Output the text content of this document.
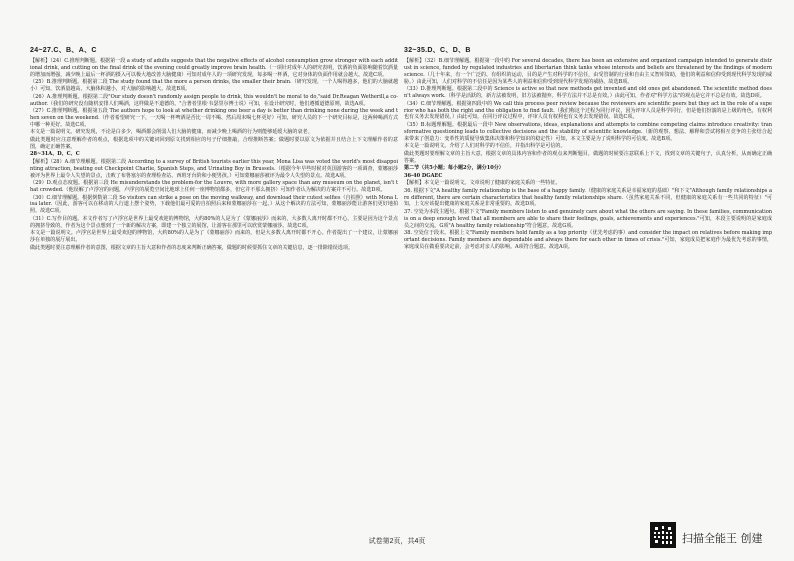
24~27.C、B、A、C	32~35.D、C、D、B

【解析】（24）C.推理判断题。根据第一段 a study of adults suggests that the negative effects of alcohol consumption grow stronger with each additional drink, and cutting on the final drink of the evening could greatly improve brain health.（一项针对成年人的研究表明，饮酒的负面影响随着饮酒量的增加而增强，减少晚上最后一杯酒的摄入可以极大地改善大脑健康）可知对成年人的一项研究发现，每多喝一杯酒，它对身体的负面作用就会越大。故选C项。

（25）B.推理判断题。根据第二段 The study found that the more a person drinks, the smaller their brain.（研究发现，一个人喝得越多，他们的大脑就越小）可知，饮酒量越高，大脑体积越小，对大脑的影响越大。故选B项。

（26）A.推理判断题。根据第二段"Our study doesn't randomly assign people to drink, this wouldn't be moral to do,"said Dr.Reagan Wetherill,a co-author.（我们的研究没有随机安排人们喝酒，这样做是不道德的。"合著者里根·韦瑟里尔博士说）可知，在设计研究时，他们遵循道德原则，故选A项。

（27）C.推理判断题。根据第五段 The authors hope to look at whether drinking one beer a day is better than drinking none during the week and then seven on the weekend.（作者希望研究一下，一天喝一杯啤酒是否比一周不喝、然后周末喝七杯更好）可知，研究人员的下一个研究目标是，这两种喝酒方式中哪一种更好。故选C项。

本文是一篇说明文。研究发现，不论是白多少，喝酒都会削弱人们大脑的健康，而减少晚上喝酒的行为则能够延缓大脑的衰老。

做此类题时应注意理解作者的观点，根据选项中的关键词回到原文找到相应的句子仔细推敲，合理推断答案；做题时要以原文为依据并且结合上下文理解作者的意图，确定正确答案。

28~31A、D、C、C

【解析】（28）A.细节理解题。根据第二段 According to a survey of British tourists earlier this year, Mona Lisa was voted the world's most disappointing attraction, beating out Checkpoint Charlie, Spanish Steps, and Urinating Boy in Brussels.（根据今年早些时候对英国游客的一项调查，蒙娜丽莎被评为世界上最令人失望的景点，击败了布鲁塞尔的查理检查站、西班牙台阶和小便男孩。）可知蒙娜丽莎被评为最令人失望的景点。故选A项。

（29）D.观点态度题。根据第三段 He misunderstands the problem-for the Louvre, with more gallery space than any museum on the planet, isn't that crowded.（他误解了卢浮宫的问题，卢浮宫的展览空间比地球上任何一座博物馆都多，但它并不那么拥挤）可知作者认为解决的方案并不可行。故选D项。

（30）C.细节理解题。根据倒数第二段 So visitors can strike a pose on the moving walkway, and download their cutest selfies（自拍照）with Mona Lisa later.（因此，游客可以在移动的人行道上摆个姿势，下载他们最可爱的自拍照后来和蒙娜丽莎在一起。）从这个解决的方法可知，蒙娜丽莎能让游客们更好地拍照。故选C项。

（31）C.写作目的题。本文作者写了卢浮宫是世界上最受欢迎的博物馆，大约80%的人是为了《蒙娜丽莎》而来的，大多数人离开时都不开心，主要是因为这个景点的拥挤导致的，作者为这个景点想到了一个新的解决方案，即建一个独立的展馆，让游客在那里可以欣赏蒙娜丽莎。故选C项。

本文是一篇说明文。卢浮宫是世界上最受欢迎的博物馆，大约80%的人是为了《蒙娜丽莎》而来的，但是大多数人离开时都不开心。作者提出了一个建议，让蒙娜丽莎在单独的展厅展出。

做此类题时要注意理解作者的意图，根据文章的主旨大意和作者的态度来判断正确答案，做题的时候要抓住文章的关键信息，逐一排除错误选项。

【解析】（32）B.细节理解题。根据第一段中的 For several decades, there has been an extensive and organized campaign intended to generate distrust in science, funded by regulated industries and libertarian think tanks whose interests and beliefs are threatened by the findings of modern science.（几十年来，有一个广泛的、有组织的运动，目的是产生对科学的不信任，由受管制的行业和自由主义智库资助，他们的利益和信仰受到现代科学发现的威胁。）由此可知，人们对科学的不信任是因为某些人的利益和信仰受到现代科学发现的威胁。故选B项。

（33）D.推理判断题。根据第二段中的 Science is active so that new methods get invented and old ones get abandoned. The scientific method doesn't always work.（科学是活跃的，新方法被发明，旧方法被抛弃。科学方法并不总是有效。）由此可知，作者对"科学方法"的观点是它并不总是有效。故选D项。

（34）C.细节理解题。根据第四段中的 We call this process peer review because the reviewers are scientific peers but they act in the role of a superior who has both the right and the obligation to find fault.（我们称这个过程为同行评议，因为评审人员是科学同行，但是他们扮演的是上级的角色，有权利也有义务去发现错误。）由此可知，在同行评议过程中，评审人员有权利也有义务去发现错误。故选C项。

（35）B.标题理解题。根据最后一段中 New observations, ideas, explanations and attempts to combine competing claims introduce creativity: transformative questioning leads to collective decisions and the stability of scientific knowledge.（新的观察、想法、解释和尝试将相互竞争的主张结合起来带来了创造力：变革性的质疑导致集体决策和科学知识的稳定性）可知，本文主要是为了说明科学的可信度。故选B项。

本文是一篇说明文。介绍了人们对科学的不信任，并指出科学是可信的。

做此类题时要理解文章的主旨大意，根据文章的具体内容和作者的观点来判断题目，做题的时候要注意联系上下文，找到文章的关键句子，认真分析，从而确定正确答案。

第二节（共5小题；每小题2分，满分10分）

36-40 DGAEC

【解析】本文是一篇说明文。文章说明了健康的家庭关系的一些特征。

36. 根据下文"A healthy family relationship is the base of a happy family.（健康的家庭关系是幸福家庭的基础）"和下文"Although family relationships are different, there are certain characteristics that healthy family relationships share.（虽然家庭关系不同，但健康的家庭关系有一些共同的特征）"可知，上文应该提出健康的家庭关系是非常重要的。故选D项。

37. 空处为本段主题句。根据下文"Family members listen to and genuinely care about what the others are saying. In these families, communication is on a deep enough level that all members are able to share their feelings, goals, achievements and experiences."可知，本段主要说明的是家庭成员之间的交流。G项"A healthy family relationship"符合题意。故选G项。

38. 空处位于段末。根据上文"Family members hold family as a top priority（优先考虑的事）and consider the impact on relatives before making important decisions. Family members are dependable and always there for each other in times of crisis."可知，家庭成员把家庭作为最优先考虑的事情，家庭成员在做重要决定前，会考虑对亲人的影响。A项符合题意。故选A项。

试卷第2页，共4页	扫描全能王 创建
